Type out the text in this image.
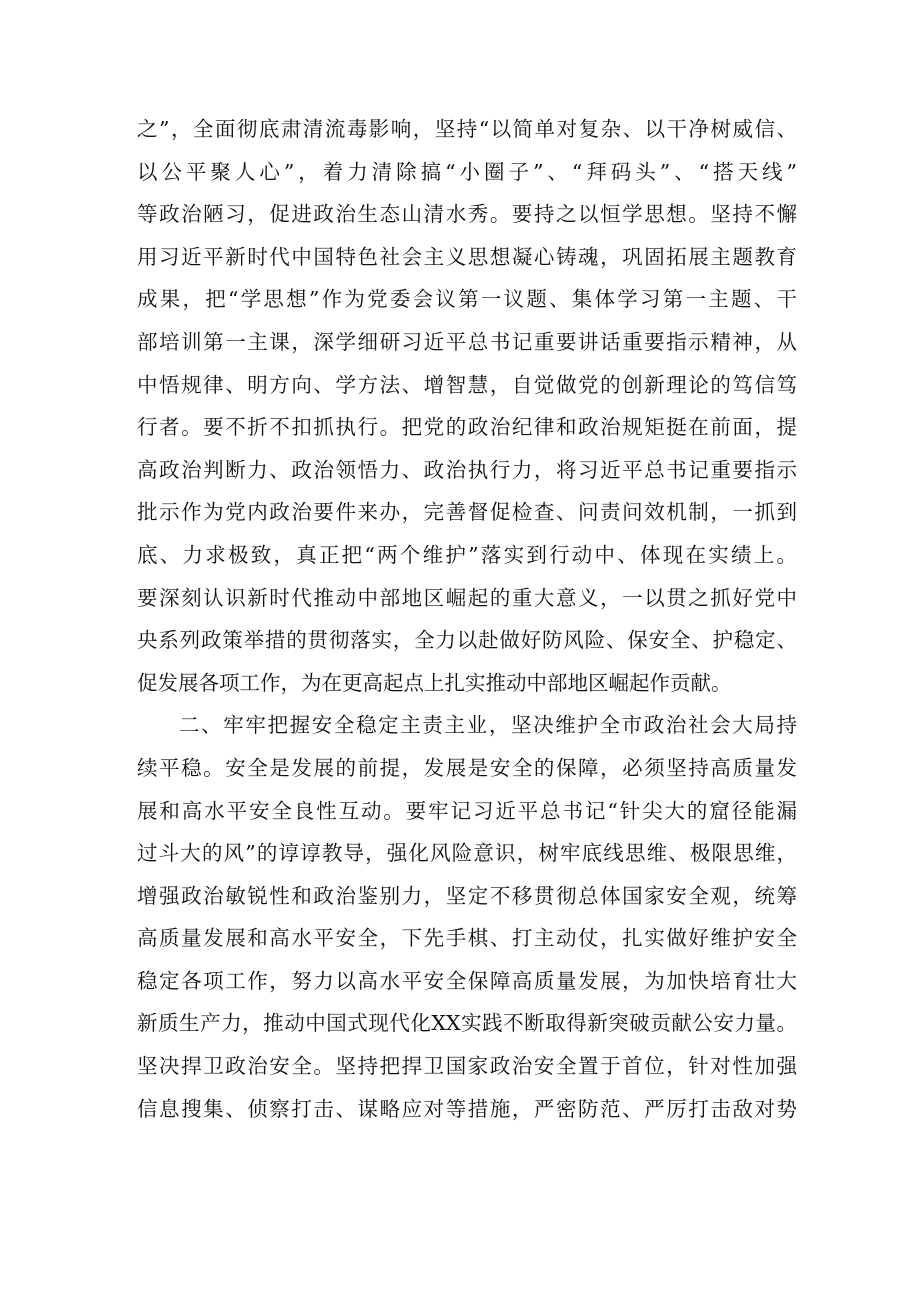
之”，全面彻底肃清流毒影响，坚持“以简单对复杂、以干净树威信、
以公平聚人心”，着力清除搞“小圈子”、“拜码头”、“搭天线”
等政治陋习，促进政治生态山清水秀。要持之以恒学思想。坚持不懈
用习近平新时代中国特色社会主义思想凝心铸魂，巩固拓展主题教育
成果，把“学思想”作为党委会议第一议题、集体学习第一主题、干
部培训第一主课，深学细研习近平总书记重要讲话重要指示精神，从
中悟规律、明方向、学方法、增智慧，自觉做党的创新理论的笃信笃
行者。要不折不扣抓执行。把党的政治纪律和政治规矩挺在前面，提
高政治判断力、政治领悟力、政治执行力，将习近平总书记重要指示
批示作为党内政治要件来办，完善督促检查、问责问效机制，一抓到
底、力求极致，真正把“两个维护”落实到行动中、体现在实绩上。
要深刻认识新时代推动中部地区崛起的重大意义，一以贯之抓好党中
央系列政策举措的贯彻落实，全力以赴做好防风险、保安全、护稳定、
促发展各项工作，为在更高起点上扎实推动中部地区崛起作贡献。
二、牢牢把握安全稳定主责主业，坚决维护全市政治社会大局持
续平稳。安全是发展的前提，发展是安全的保障，必须坚持高质量发
展和高水平安全良性互动。要牢记习近平总书记“针尖大的窟径能漏
过斗大的风”的谆谆教导，强化风险意识，树牢底线思维、极限思维，
增强政治敏锐性和政治鉴别力，坚定不移贯彻总体国家安全观，统筹
高质量发展和高水平安全，下先手棋、打主动仗，扎实做好维护安全
稳定各项工作，努力以高水平安全保障高质量发展，为加快培育壮大
新质生产力，推动中国式现代化XX实践不断取得新突破贡献公安力量。
坚决捍卫政治安全。坚持把捍卫国家政治安全置于首位，针对性加强
信息搜集、侦察打击、谋略应对等措施，严密防范、严厉打击敌对势
